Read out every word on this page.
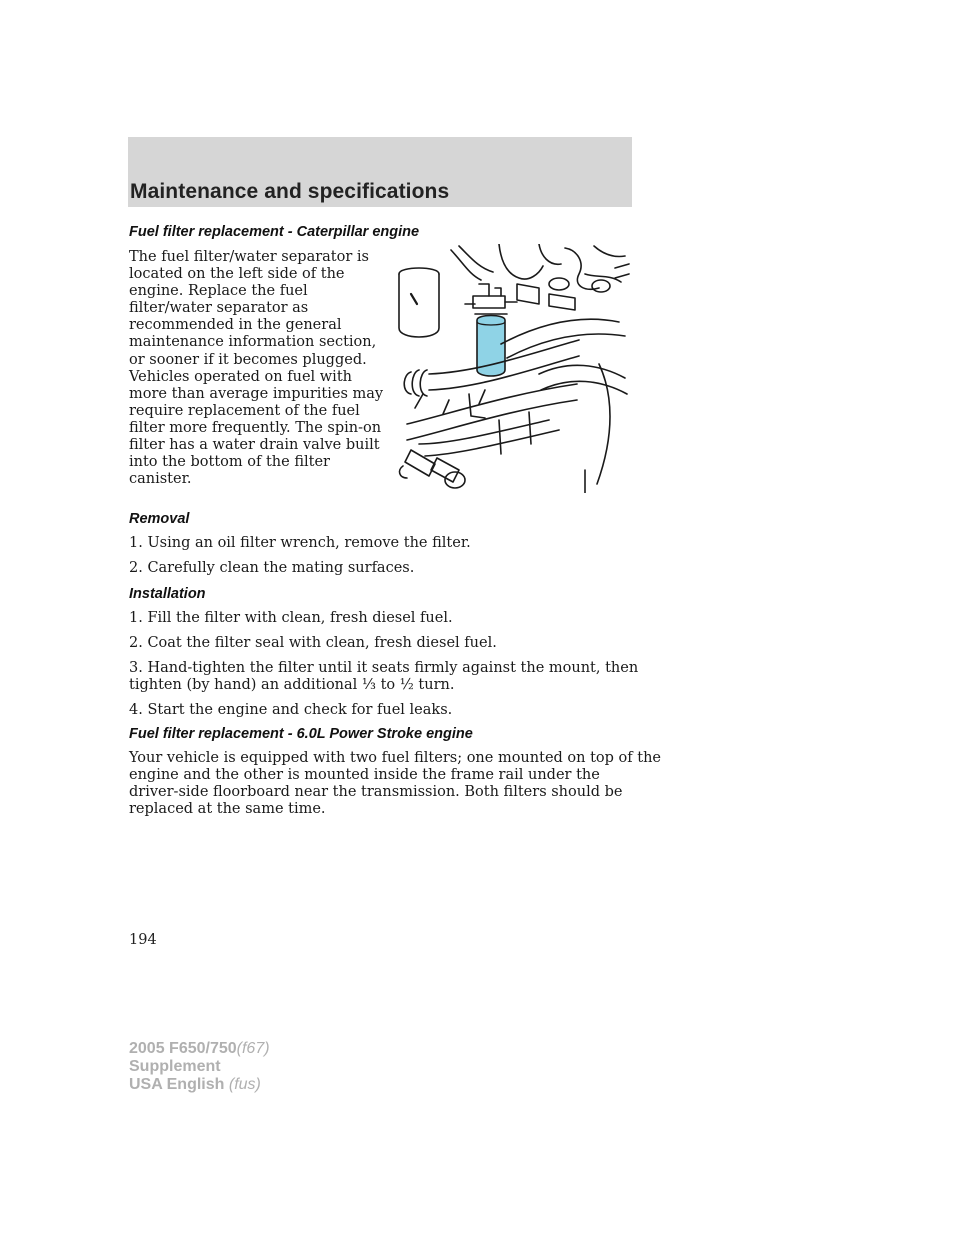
Maintenance and specifications
Fuel filter replacement - Caterpillar engine

The fuel filter/water separator is located on the left side of the engine. Replace the fuel filter/water separator as recommended in the general maintenance information section, or sooner if it becomes plugged. Vehicles operated on fuel with more than average impurities may require replacement of the fuel filter more frequently. The spin-on filter has a water drain valve built into the bottom of the filter canister.

Removal

1. Using an oil filter wrench, remove the filter.

2. Carefully clean the mating surfaces.

Installation

1. Fill the filter with clean, fresh diesel fuel.

2. Coat the filter seal with clean, fresh diesel fuel.

3. Hand-tighten the filter until it seats firmly against the mount, then

tighten (by hand) an additional ⅓ to ½ turn.

4. Start the engine and check for fuel leaks.

Fuel filter replacement - 6.0L Power Stroke engine

Your vehicle is equipped with two fuel filters; one mounted on top of the

engine and the other is mounted inside the frame rail under the

driver-side floorboard near the transmission. Both filters should be

replaced at the same time.

194
2005 F650/750(f67)
Supplement
USA English (fus)
